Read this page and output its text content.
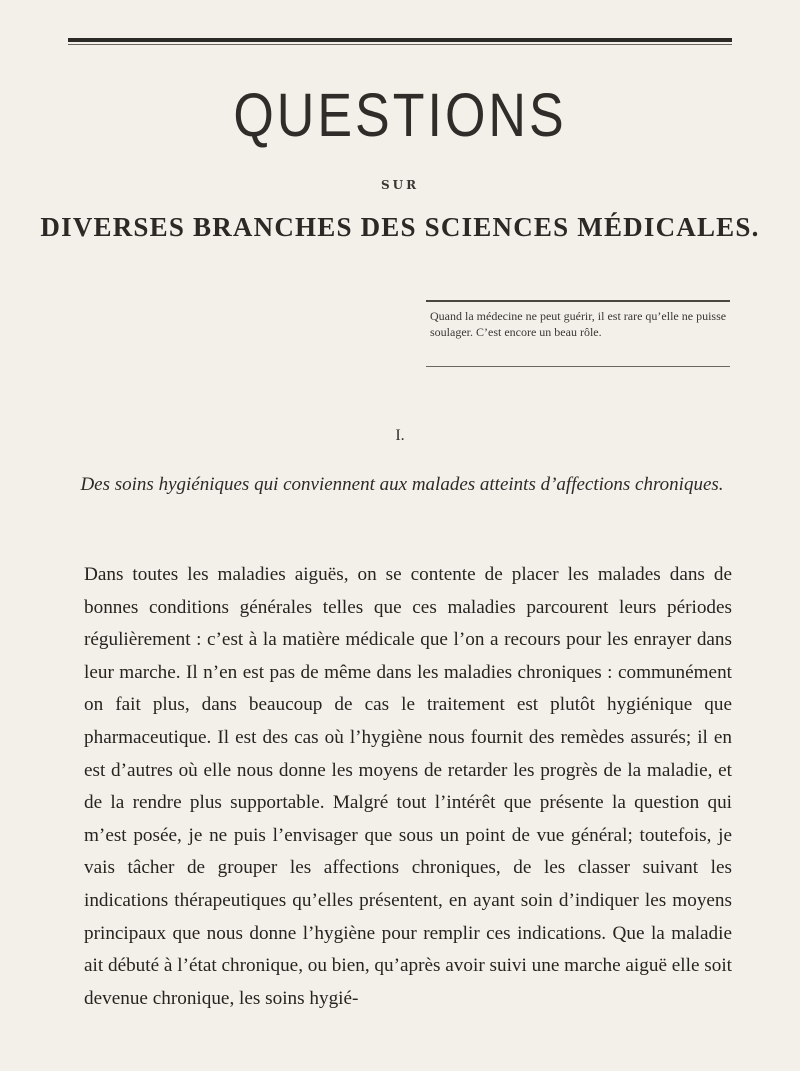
QUESTIONS
SUR
DIVERSES BRANCHES DES SCIENCES MÉDICALES.
Quand la médecine ne peut guérir, il est rare qu’elle ne puisse soulager. C’est encore un beau rôle.
I.
Des soins hygiéniques qui conviennent aux malades atteints d’affections chroniques.
Dans toutes les maladies aiguës, on se contente de placer les malades dans de bonnes conditions générales telles que ces maladies parcourent leurs périodes régulièrement : c’est à la matière médicale que l’on a recours pour les enrayer dans leur marche. Il n’en est pas de même dans les maladies chroniques : communément on fait plus, dans beaucoup de cas le traitement est plutôt hygiénique que pharmaceutique. Il est des cas où l’hygiène nous fournit des remèdes assurés; il en est d’autres où elle nous donne les moyens de retarder les progrès de la maladie, et de la rendre plus supportable. Malgré tout l’intérêt que présente la question qui m’est posée, je ne puis l’envisager que sous un point de vue général; toutefois, je vais tâcher de grouper les affections chroniques, de les classer suivant les indications thérapeutiques qu’elles présentent, en ayant soin d’indiquer les moyens principaux que nous donne l’hygiène pour remplir ces indications. Que la maladie ait débuté à l’état chronique, ou bien, qu’après avoir suivi une marche aiguë elle soit devenue chronique, les soins hygié-
